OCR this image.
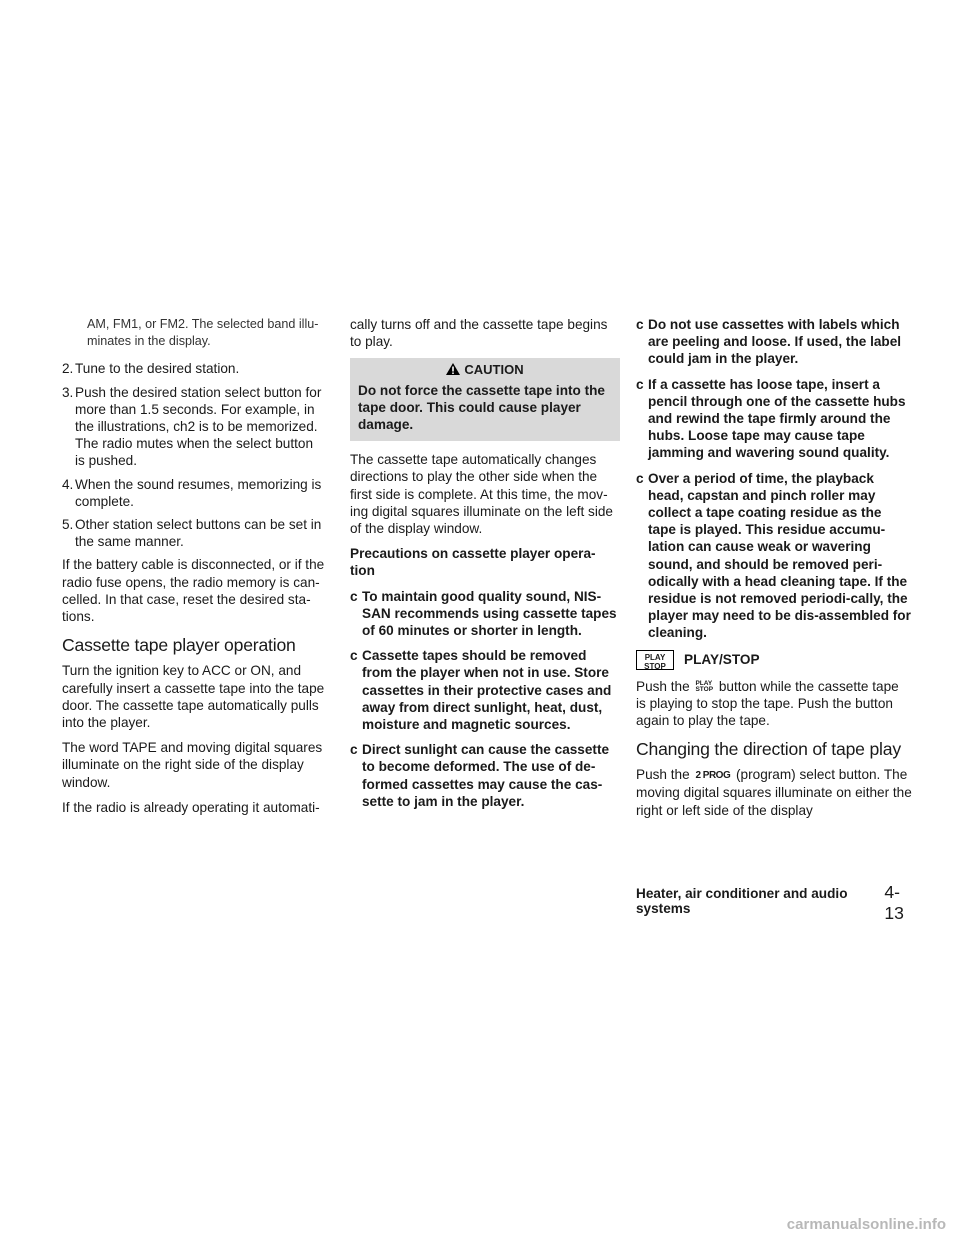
AM, FM1, or FM2. The selected band illu-minates in the display.

2. Tune to the desired station.
3. Push the desired station select button for more than 1.5 seconds. For example, in the illustrations, ch2 is to be memorized. The radio mutes when the select button is pushed.
4. When the sound resumes, memorizing is complete.
5. Other station select buttons can be set in the same manner.

If the battery cable is disconnected, or if the radio fuse opens, the radio memory is can-celled. In that case, reset the desired sta-tions.

Cassette tape player operation

Turn the ignition key to ACC or ON, and carefully insert a cassette tape into the tape door. The cassette tape automatically pulls into the player.

The word TAPE and moving digital squares illuminate on the right side of the display window.

If the radio is already operating it automati-

cally turns off and the cassette tape begins to play.

CAUTION
Do not force the cassette tape into the tape door. This could cause player damage.

The cassette tape automatically changes directions to play the other side when the first side is complete. At this time, the mov-ing digital squares illuminate on the left side of the display window.

Precautions on cassette player opera-tion

c To maintain good quality sound, NIS-SAN recommends using cassette tapes of 60 minutes or shorter in length.
c Cassette tapes should be removed from the player when not in use. Store cassettes in their protective cases and away from direct sunlight, heat, dust, moisture and magnetic sources.
c Direct sunlight can cause the cassette to become deformed. The use of de-formed cassettes may cause the cas-sette to jam in the player.
c Do not use cassettes with labels which are peeling and loose. If used, the label could jam in the player.
c If a cassette has loose tape, insert a pencil through one of the cassette hubs and rewind the tape firmly around the hubs. Loose tape may cause tape jamming and wavering sound quality.
c Over a period of time, the playback head, capstan and pinch roller may collect a tape coating residue as the tape is played. This residue accumu-lation can cause weak or wavering sound, and should be removed peri-odically with a head cleaning tape. If the residue is not removed periodi-cally, the player may need to be dis-assembled for cleaning.
PLAY
STOP	PLAY/STOP

Push the PLAY
STOP button while the cassette tape is playing to stop the tape. Push the button again to play the tape.

Changing the direction of tape play

Push the 2 PROG (program) select button. The moving digital squares illuminate on either the right or left side of the display

Heater, air conditioner and audio systems
4-13
carmanualsonline.info
